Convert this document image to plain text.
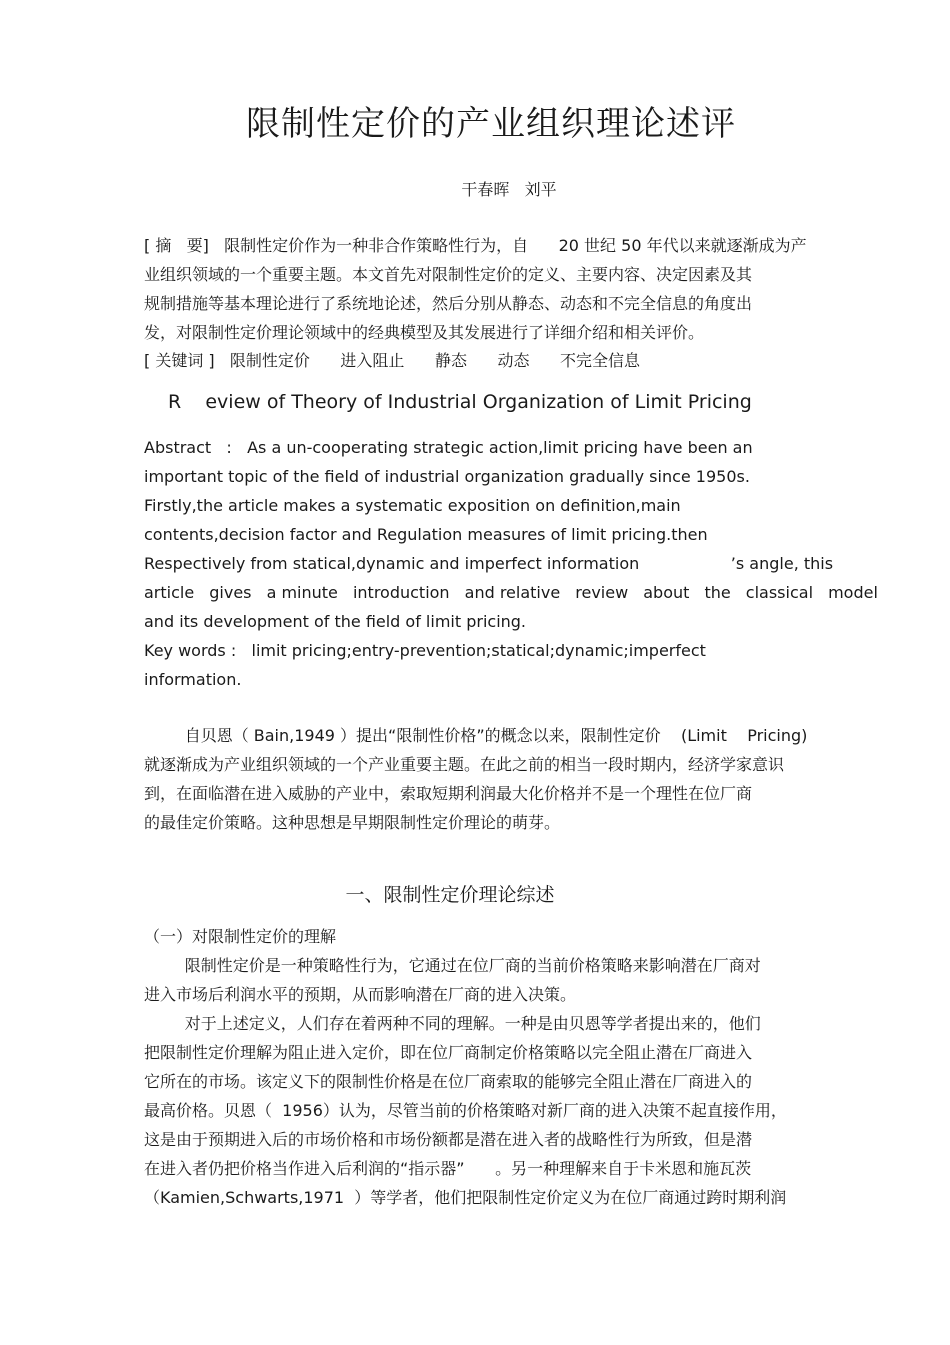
限制性定价的产业组织理论述评
干春晖   刘平
[ 摘   要]   限制性定价作为一种非合作策略性行为，自      20 世纪 50 年代以来就逐渐成为产
业组织领域的一个重要主题。本文首先对限制性定价的定义、主要内容、决定因素及其
规制措施等基本理论进行了系统地论述，然后分别从静态、动态和不完全信息的角度出
发，对限制性定价理论领域中的经典模型及其发展进行了详细介绍和相关评价。
[ 关键词 ]   限制性定价      进入阻止      静态      动态      不完全信息
R    eview of Theory of Industrial Organization of Limit Pricing
Abstract   :   As a un-cooperating strategic action,limit pricing have been an
important topic of the field of industrial organization gradually since 1950s.
Firstly,the article makes a systematic exposition on definition,main
contents,decision factor and Regulation measures of limit pricing.then
Respectively from statical,dynamic and imperfect information                  ’s angle, this
article gives a minute introduction and relative review about the classical model
and its development of the field of limit pricing.
Key words :   limit pricing;entry-prevention;statical;dynamic;imperfect
information.
自贝恩（ Bain,1949 ）提出“限制性价格”的概念以来，限制性定价    (Limit    Pricing)
就逐渐成为产业组织领域的一个产业重要主题。在此之前的相当一段时期内，经济学家意识
到，在面临潜在进入威胁的产业中，索取短期利润最大化价格并不是一个理性在位厂商
的最佳定价策略。这种思想是早期限制性定价理论的萌芽。
一、限制性定价理论综述
（一）对限制性定价的理解
限制性定价是一种策略性行为，它通过在位厂商的当前价格策略来影响潜在厂商对
进入市场后利润水平的预期，从而影响潜在厂商的进入决策。
对于上述定义，人们存在着两种不同的理解。一种是由贝恩等学者提出来的，他们
把限制性定价理解为阻止进入定价，即在位厂商制定价格策略以完全阻止潜在厂商进入
它所在的市场。该定义下的限制性价格是在位厂商索取的能够完全阻止潜在厂商进入的
最高价格。贝恩（  1956）认为，尽管当前的价格策略对新厂商的进入决策不起直接作用，
这是由于预期进入后的市场价格和市场份额都是潜在进入者的战略性行为所致，但是潜
在进入者仍把价格当作进入后利润的“指示器”      。另一种理解来自于卡米恩和施瓦茨
（Kamien,Schwarts,1971  ）等学者，他们把限制性定价定义为在位厂商通过跨时期利润
